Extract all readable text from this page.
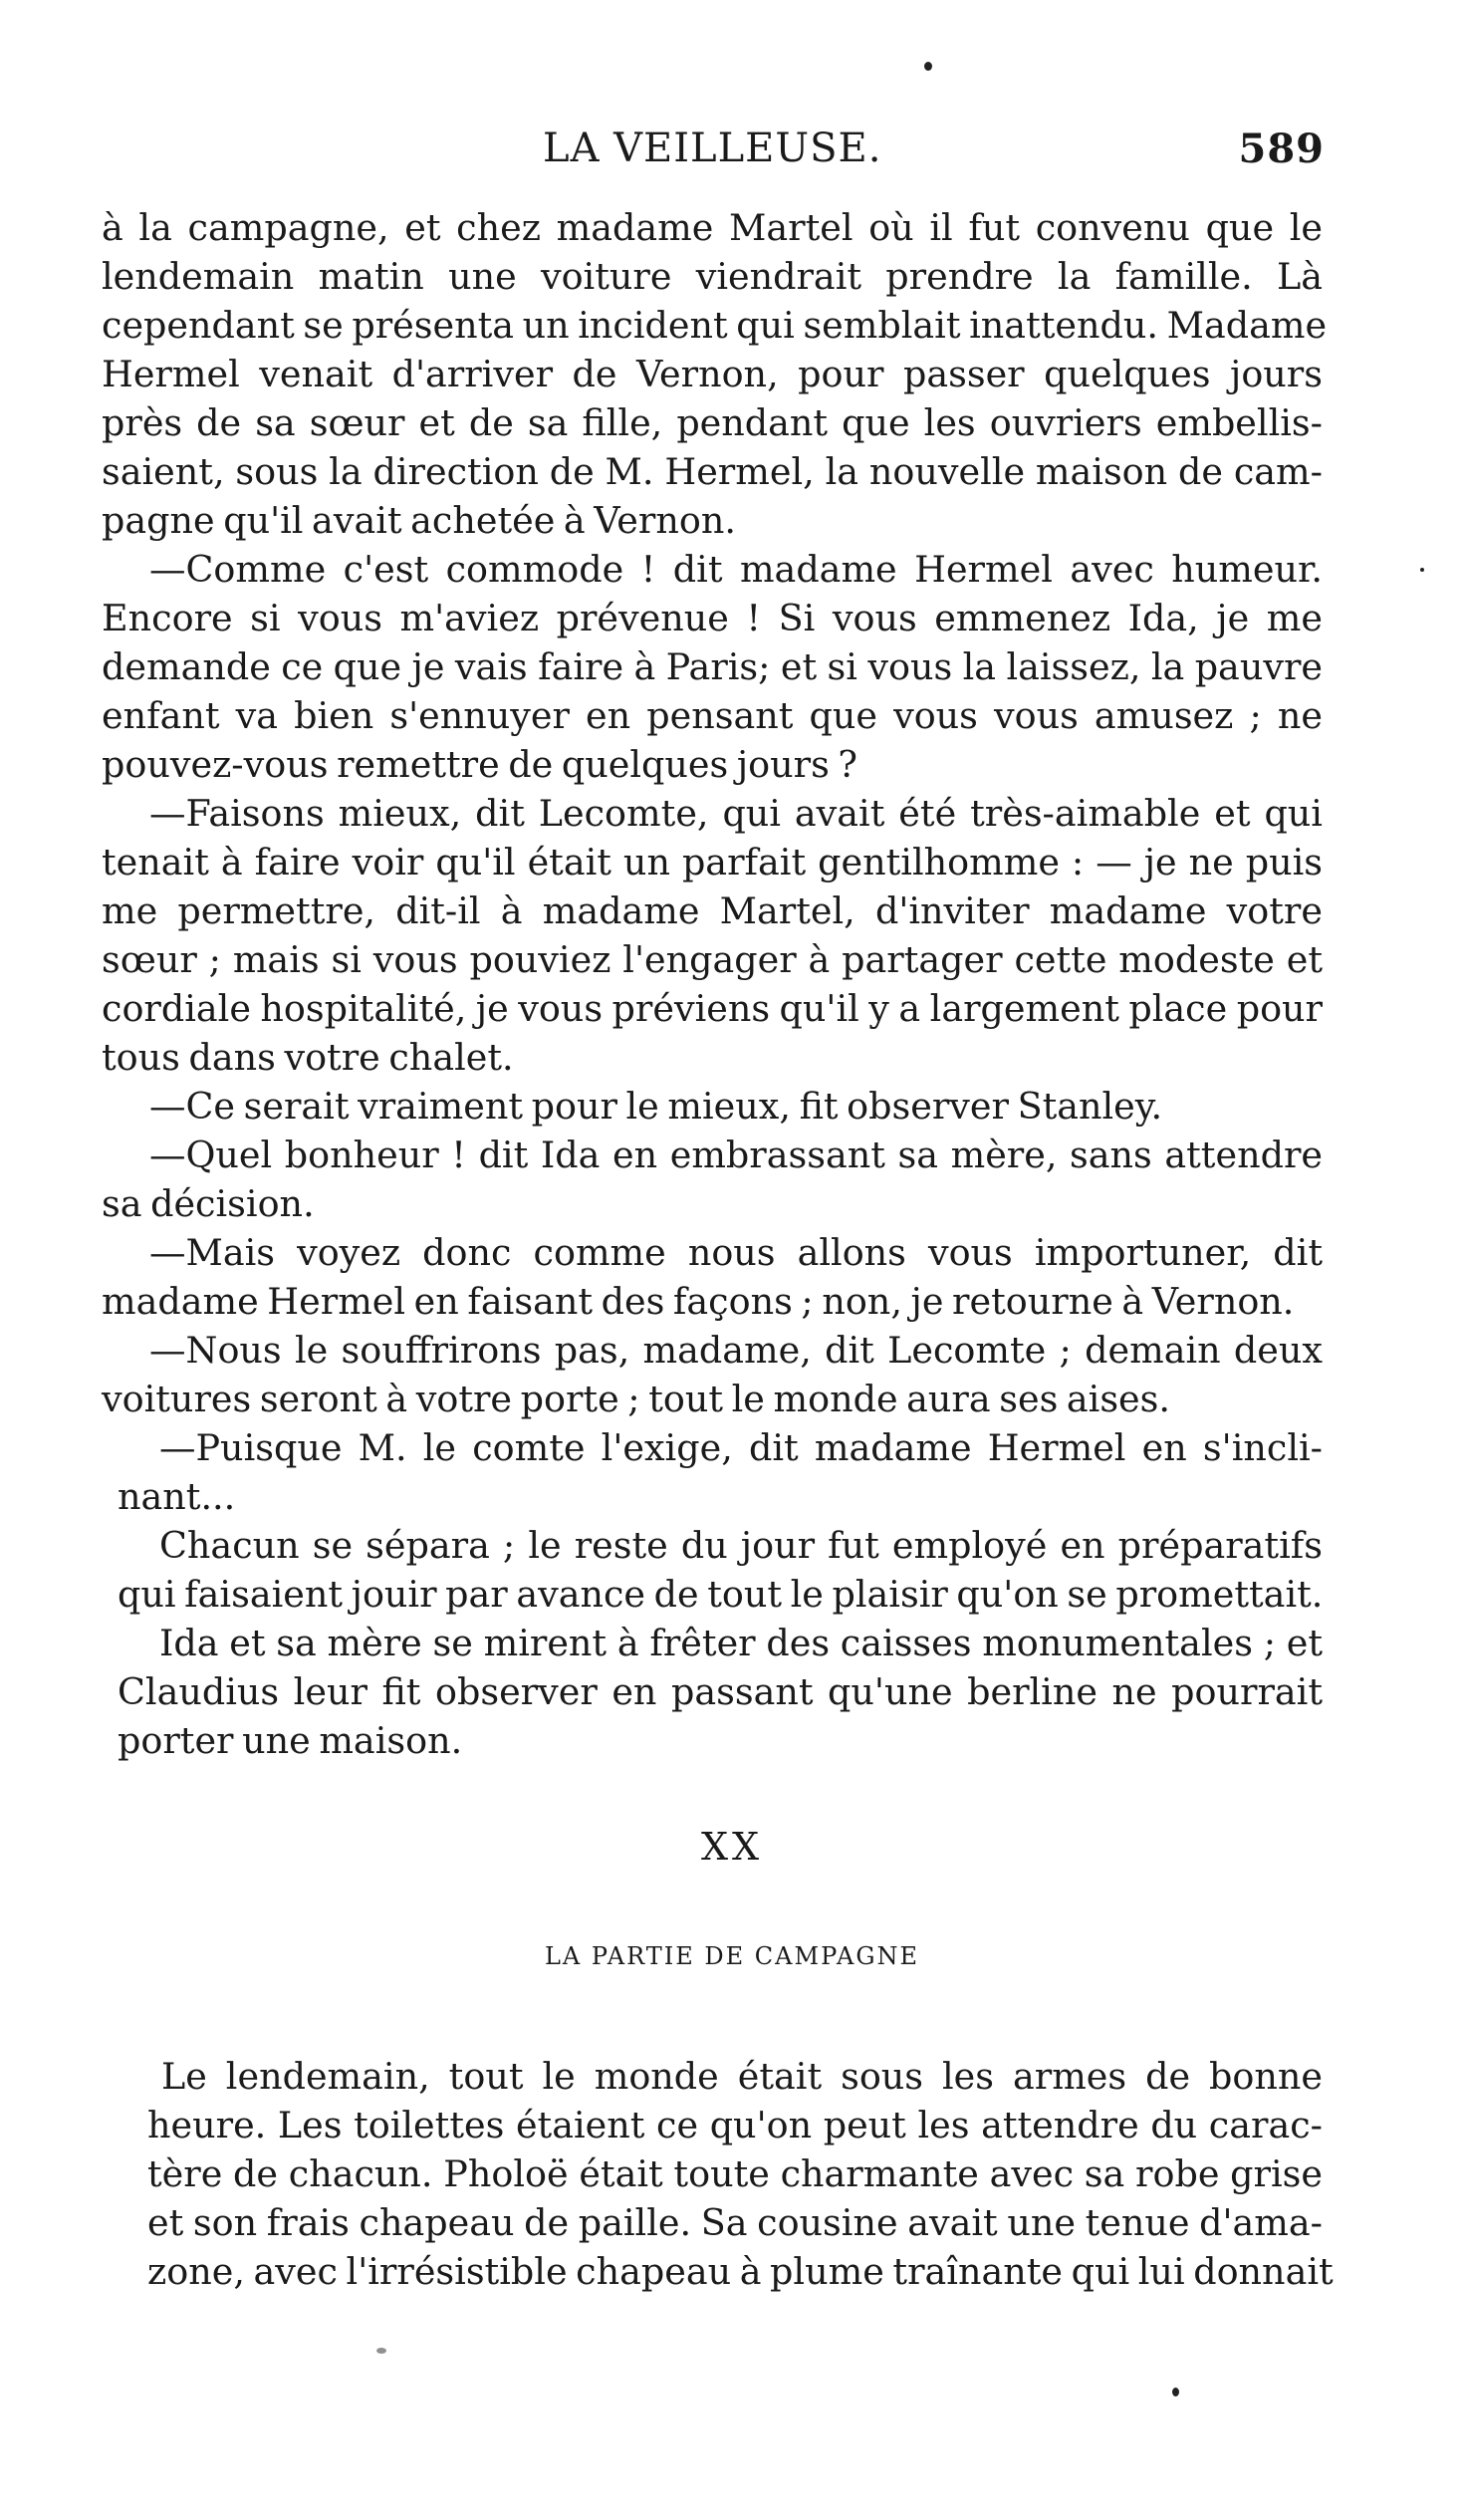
LA VEILLEUSE.	589
à la campagne, et chez madame Martel où il fut convenu que le
lendemain matin une voiture viendrait prendre la famille. Là
cependant se présenta un incident qui semblait inattendu. Madame
Hermel venait d'arriver de Vernon, pour passer quelques jours
près de sa sœur et de sa fille, pendant que les ouvriers embellis-
saient, sous la direction de M. Hermel, la nouvelle maison de cam-
pagne qu'il avait achetée à Vernon.
—Comme c'est commode ! dit madame Hermel avec humeur.
Encore si vous m'aviez prévenue ! Si vous emmenez Ida, je me
demande ce que je vais faire à Paris; et si vous la laissez, la pauvre
enfant va bien s'ennuyer en pensant que vous vous amusez ; ne
pouvez-vous remettre de quelques jours ?
—Faisons mieux, dit Lecomte, qui avait été très-aimable et qui
tenait à faire voir qu'il était un parfait gentilhomme : — je ne puis
me permettre, dit-il à madame Martel, d'inviter madame votre
sœur ; mais si vous pouviez l'engager à partager cette modeste et
cordiale hospitalité, je vous préviens qu'il y a largement place pour
tous dans votre chalet.
—Ce serait vraiment pour le mieux, fit observer Stanley.
—Quel bonheur ! dit Ida en embrassant sa mère, sans attendre
sa décision.
—Mais voyez donc comme nous allons vous importuner, dit
madame Hermel en faisant des façons ; non, je retourne à Vernon.
—Nous le souffrirons pas, madame, dit Lecomte ; demain deux
voitures seront à votre porte ; tout le monde aura ses aises.
—Puisque M. le comte l'exige, dit madame Hermel en s'incli-
nant...
Chacun se sépara ; le reste du jour fut employé en préparatifs
qui faisaient jouir par avance de tout le plaisir qu'on se promettait.
Ida et sa mère se mirent à frêter des caisses monumentales ; et
Claudius leur fit observer en passant qu'une berline ne pourrait
porter une maison.
XX
LA PARTIE DE CAMPAGNE
Le lendemain, tout le monde était sous les armes de bonne
heure. Les toilettes étaient ce qu'on peut les attendre du carac-
tère de chacun. Pholoë était toute charmante avec sa robe grise
et son frais chapeau de paille. Sa cousine avait une tenue d'ama-
zone, avec l'irrésistible chapeau à plume traînante qui lui donnait
